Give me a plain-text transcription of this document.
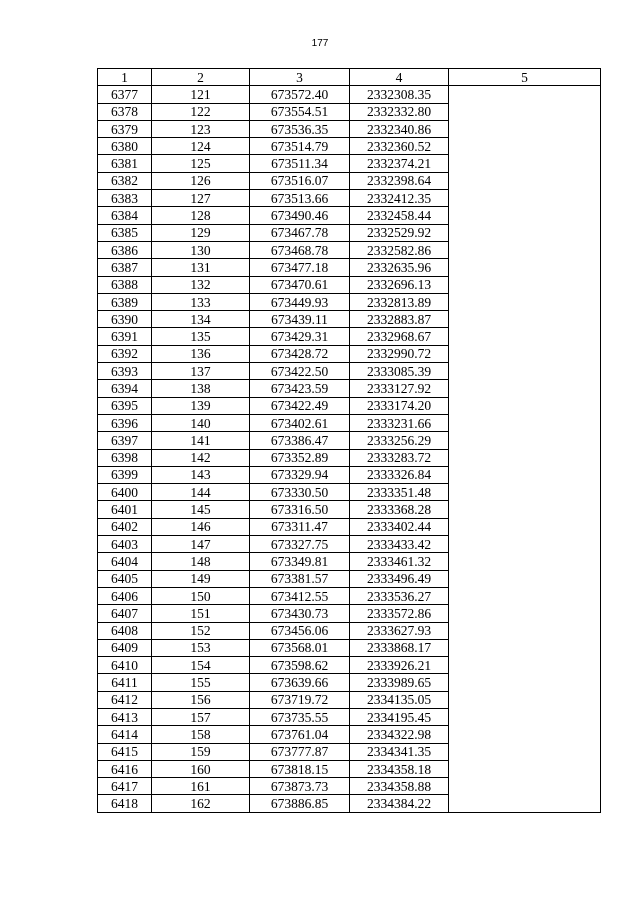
177
1	2	3	4	5
6377	121	673572.40	2332308.35	
6378	122	673554.51	2332332.80	
6379	123	673536.35	2332340.86	
6380	124	673514.79	2332360.52	
6381	125	673511.34	2332374.21	
6382	126	673516.07	2332398.64	
6383	127	673513.66	2332412.35	
6384	128	673490.46	2332458.44	
6385	129	673467.78	2332529.92	
6386	130	673468.78	2332582.86	
6387	131	673477.18	2332635.96	
6388	132	673470.61	2332696.13	
6389	133	673449.93	2332813.89	
6390	134	673439.11	2332883.87	
6391	135	673429.31	2332968.67	
6392	136	673428.72	2332990.72	
6393	137	673422.50	2333085.39	
6394	138	673423.59	2333127.92	
6395	139	673422.49	2333174.20	
6396	140	673402.61	2333231.66	
6397	141	673386.47	2333256.29	
6398	142	673352.89	2333283.72	
6399	143	673329.94	2333326.84	
6400	144	673330.50	2333351.48	
6401	145	673316.50	2333368.28	
6402	146	673311.47	2333402.44	
6403	147	673327.75	2333433.42	
6404	148	673349.81	2333461.32	
6405	149	673381.57	2333496.49	
6406	150	673412.55	2333536.27	
6407	151	673430.73	2333572.86	
6408	152	673456.06	2333627.93	
6409	153	673568.01	2333868.17	
6410	154	673598.62	2333926.21	
6411	155	673639.66	2333989.65	
6412	156	673719.72	2334135.05	
6413	157	673735.55	2334195.45	
6414	158	673761.04	2334322.98	
6415	159	673777.87	2334341.35	
6416	160	673818.15	2334358.18	
6417	161	673873.73	2334358.88	
6418	162	673886.85	2334384.22	
